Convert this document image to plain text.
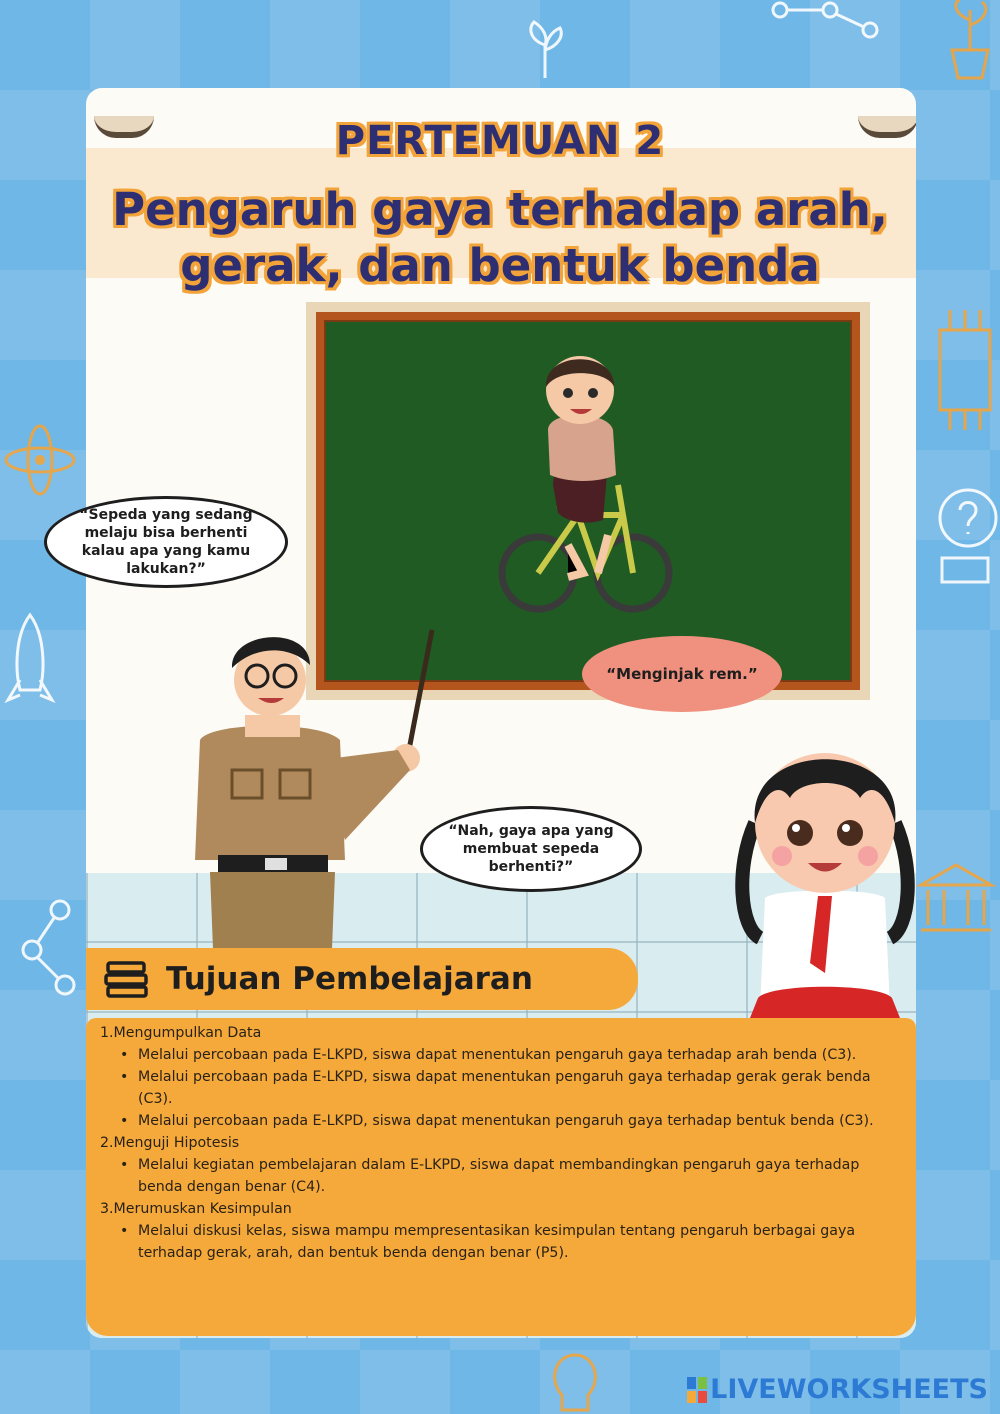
PERTEMUAN 2
Pengaruh gaya terhadap arah,
gerak, dan bentuk benda
“Sepeda yang sedang melaju bisa berhenti kalau apa yang kamu lakukan?”
“Menginjak rem.”
“Nah, gaya apa yang membuat sepeda berhenti?”
Tujuan Pembelajaran
1.Mengumpulkan Data
• Melalui percobaan pada E-LKPD, siswa dapat menentukan pengaruh gaya terhadap arah benda (C3).
• Melalui percobaan pada E-LKPD, siswa dapat menentukan pengaruh gaya terhadap gerak gerak benda (C3).
• Melalui percobaan pada E-LKPD, siswa dapat menentukan pengaruh gaya terhadap bentuk benda (C3).
2.Menguji Hipotesis
• Melalui kegiatan pembelajaran dalam E-LKPD, siswa dapat membandingkan pengaruh gaya terhadap benda dengan benar (C4).
3.Merumuskan Kesimpulan
• Melalui diskusi kelas, siswa mampu mempresentasikan kesimpulan tentang pengaruh berbagai gaya terhadap gerak, arah, dan bentuk benda dengan benar (P5).
LIVEWORKSHEETS
